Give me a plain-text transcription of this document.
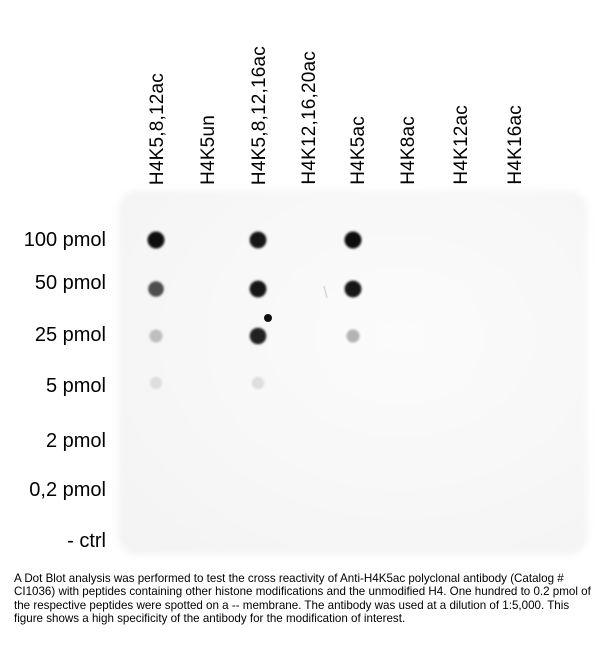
H4K5,8,12ac H4K5un H4K5,8,12,16ac H4K12,16,20ac H4K5ac H4K8ac H4K12ac H4K16ac
100 pmol
50 pmol
25 pmol
5 pmol
2 pmol
0,2 pmol
- ctrl

A Dot Blot analysis was performed to test the cross reactivity of Anti-H4K5ac polyclonal antibody (Catalog # CI1036) with peptides containing other histone modifications and the unmodified H4. One hundred to 0.2 pmol of the respective peptides were spotted on a -- membrane. The antibody was used at a dilution of 1:5,000. This figure shows a high specificity of the antibody for the modification of interest.
